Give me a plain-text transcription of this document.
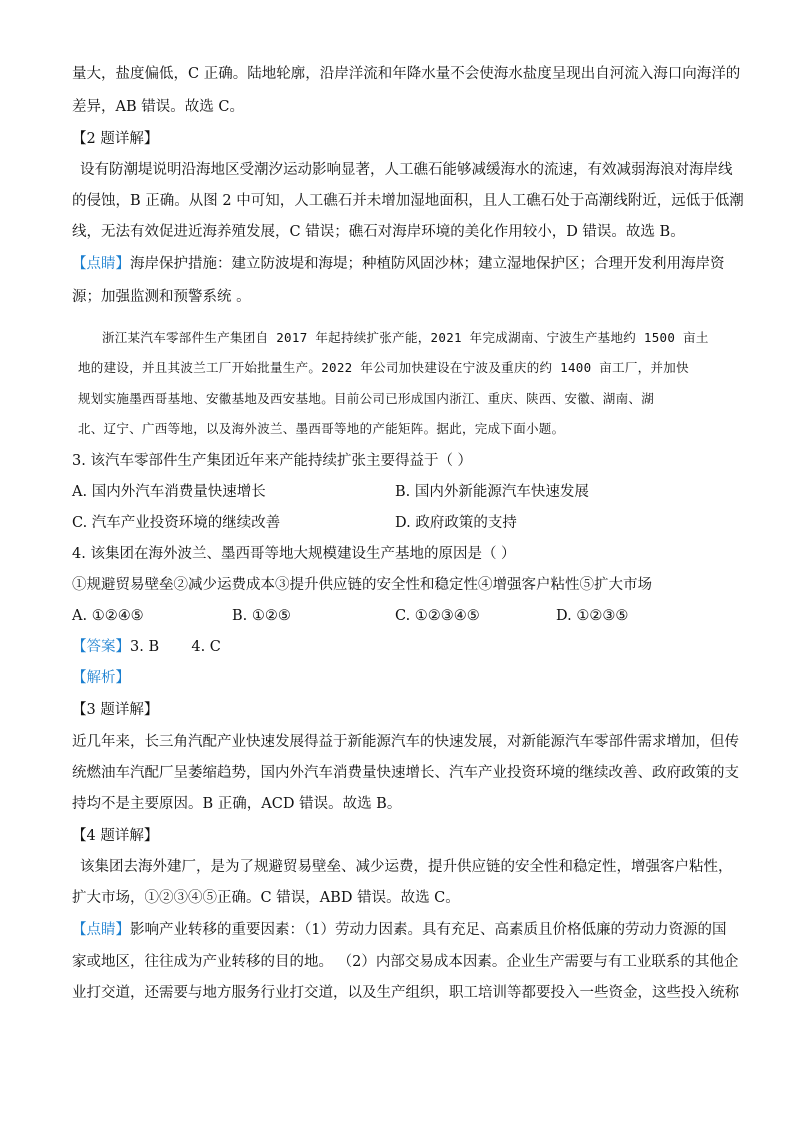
量大，盐度偏低，C 正确。陆地轮廓，沿岸洋流和年降水量不会使海水盐度呈现出自河流入海口向海洋的
差异，AB 错误。故选 C。
【2 题详解】
设有防潮堤说明沿海地区受潮汐运动影响显著，人工礁石能够减缓海水的流速，有效减弱海浪对海岸线
的侵蚀，B 正确。从图 2 中可知，人工礁石并未增加湿地面积，且人工礁石处于高潮线附近，远低于低潮
线，无法有效促进近海养殖发展，C 错误；礁石对海岸环境的美化作用较小，D 错误。故选 B。
【点睛】海岸保护措施：建立防波堤和海堤；种植防风固沙林；建立湿地保护区；合理开发利用海岸资
源；加强监测和预警系统 。
浙江某汽车零部件生产集团自 2017 年起持续扩张产能，2021 年完成湖南、宁波生产基地约 1500 亩土
地的建设，并且其波兰工厂开始批量生产。2022 年公司加快建设在宁波及重庆的约 1400 亩工厂，并加快
规划实施墨西哥基地、安徽基地及西安基地。目前公司已形成国内浙江、重庆、陕西、安徽、湖南、湖
北、辽宁、广西等地，以及海外波兰、墨西哥等地的产能矩阵。据此，完成下面小题。
3. 该汽车零部件生产集团近年来产能持续扩张主要得益于（ ）
A. 国内外汽车消费量快速增长	B. 国内外新能源汽车快速发展
C. 汽车产业投资环境的继续改善	D. 政府政策的支持
4. 该集团在海外波兰、墨西哥等地大规模建设生产基地的原因是（ ）
①规避贸易壁垒②减少运费成本③提升供应链的安全性和稳定性④增强客户粘性⑤扩大市场
A. ①②④⑤	B. ①②⑤	C. ①②③④⑤	D. ①②③⑤
【答案】3. B       4. C
【解析】
【3 题详解】
近几年来，长三角汽配产业快速发展得益于新能源汽车的快速发展，对新能源汽车零部件需求增加，但传
统燃油车汽配厂呈萎缩趋势，国内外汽车消费量快速增长、汽车产业投资环境的继续改善、政府政策的支
持均不是主要原因。B 正确，ACD 错误。故选 B。
【4 题详解】
该集团去海外建厂，是为了规避贸易壁垒、减少运费，提升供应链的安全性和稳定性，增强客户粘性，
扩大市场，①②③④⑤正确。C 错误，ABD 错误。故选 C。
【点睛】影响产业转移的重要因素：（1）劳动力因素。具有充足、高素质且价格低廉的劳动力资源的国
家或地区，往往成为产业转移的目的地。 （2）内部交易成本因素。企业生产需要与有工业联系的其他企
业打交道，还需要与地方服务行业打交道，以及生产组织，职工培训等都要投入一些资金，这些投入统称
